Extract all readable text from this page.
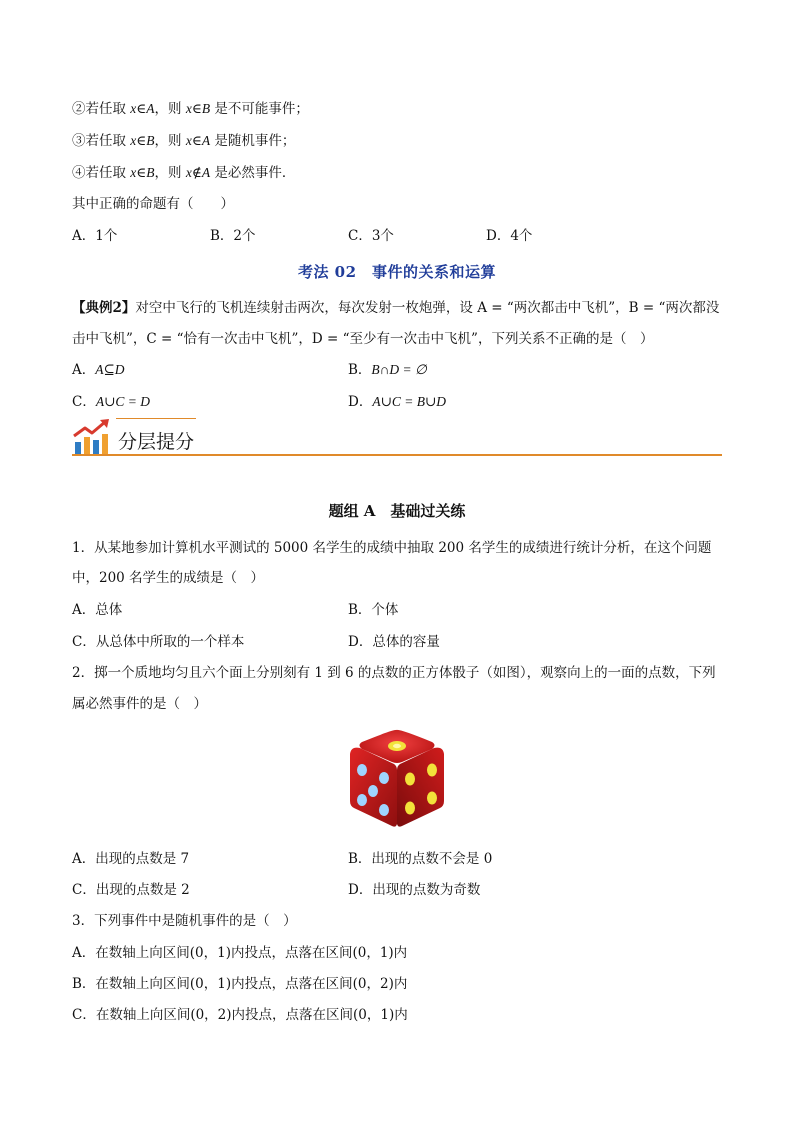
②若任取 x∈A，则 x∈B 是不可能事件；
③若任取 x∈B，则 x∈A 是随机事件；
④若任取 x∈B，则 x∉A 是必然事件．
其中正确的命题有（　　）
A．1个	B．2个	C．3个	D．4个
考法 02　事件的关系和运算
【典例2】对空中飞行的飞机连续射击两次，每次发射一枚炮弹，设 A = “两次都击中飞机”，B = “两次都没
击中飞机”，C = “恰有一次击中飞机”，D = “至少有一次击中飞机”，下列关系不正确的是（　）
A．A⊆D	B．B∩D = ∅
C．A∪C = D	D．A∪C = B∪D
分层提分
题组 A　基础过关练
1．从某地参加计算机水平测试的 5000 名学生的成绩中抽取 200 名学生的成绩进行统计分析，在这个问题
中，200 名学生的成绩是（　）
A．总体	B．个体
C．从总体中所取的一个样本	D．总体的容量
2．掷一个质地均匀且六个面上分别刻有 1 到 6 的点数的正方体骰子（如图），观察向上的一面的点数，下列
属必然事件的是（　）
A．出现的点数是 7	B．出现的点数不会是 0
C．出现的点数是 2	D．出现的点数为奇数
3．下列事件中是随机事件的是（　）
A．在数轴上向区间(0，1)内投点，点落在区间(0，1)内
B．在数轴上向区间(0，1)内投点，点落在区间(0，2)内
C．在数轴上向区间(0，2)内投点，点落在区间(0，1)内
